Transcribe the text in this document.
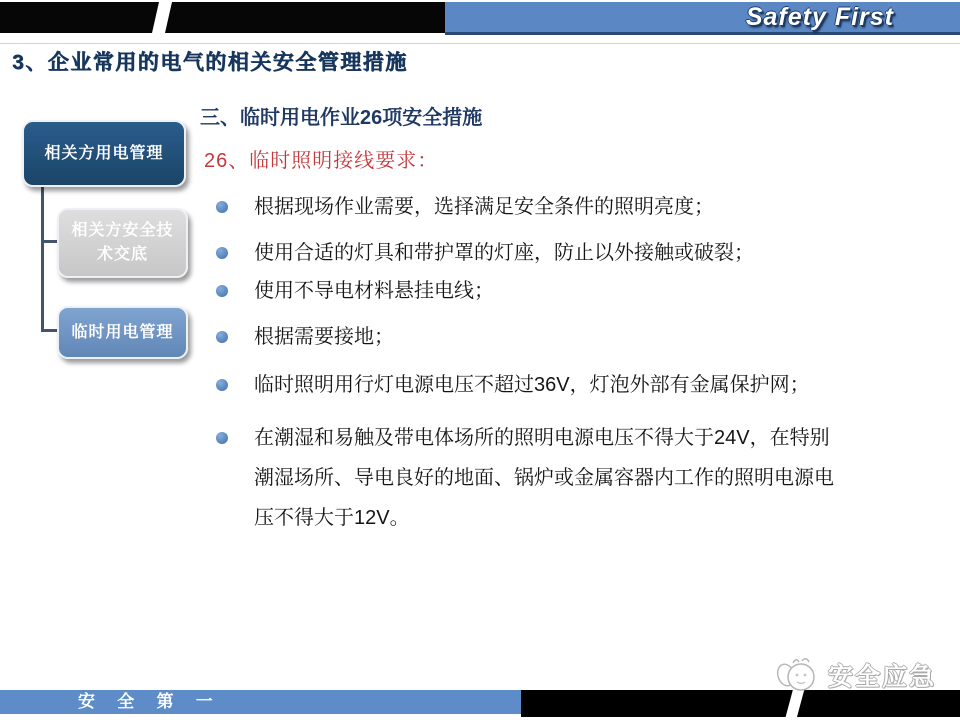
Safety First
3、企业常用的电气的相关安全管理措施
相关方用电管理
相关方安全技术交底
临时用电管理
三、临时用电作业26项安全措施
26、临时照明接线要求：
根据现场作业需要，选择满足安全条件的照明亮度；
使用合适的灯具和带护罩的灯座，防止以外接触或破裂；
使用不导电材料悬挂电线；
根据需要接地；
临时照明用行灯电源电压不超过36V，灯泡外部有金属保护网；
在潮湿和易触及带电体场所的照明电源电压不得大于24V，在特别潮湿场所、导电良好的地面、锅炉或金属容器内工作的照明电源电压不得大于12V。
安 全 第 一
安全应急
